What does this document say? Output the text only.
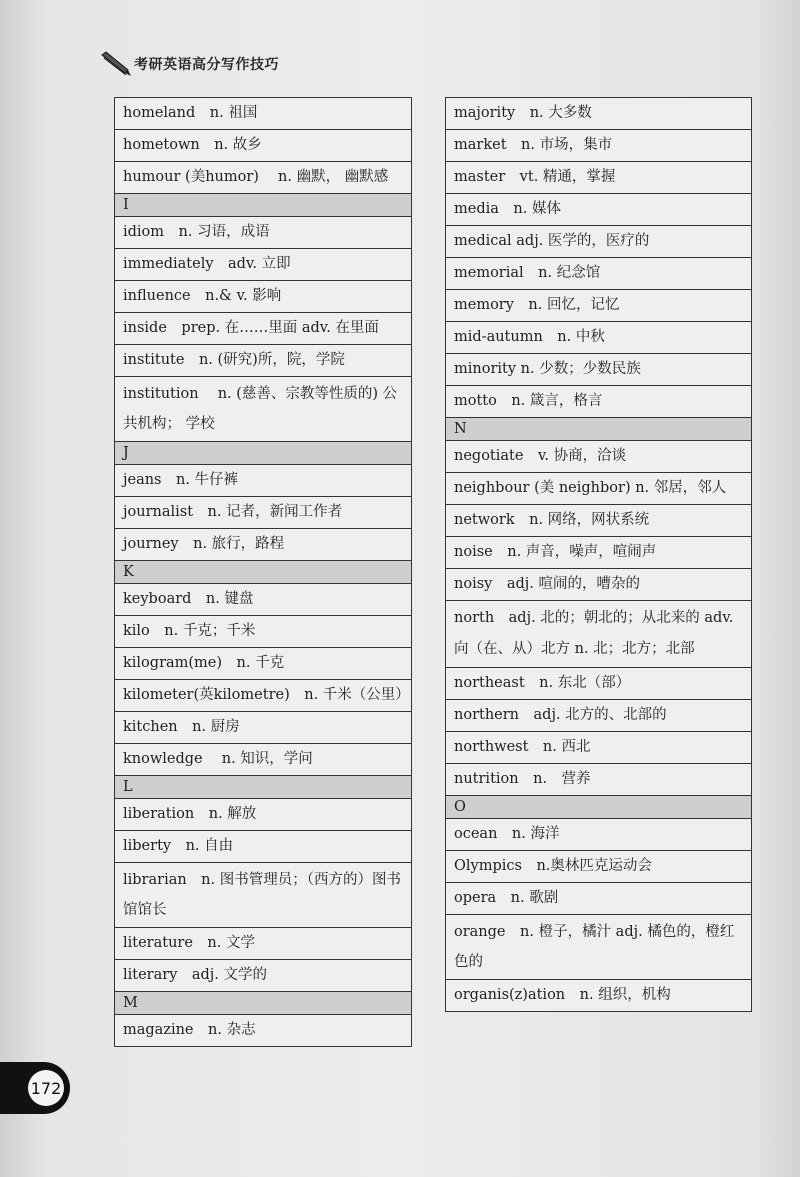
考研英语高分写作技巧
homeland　n. 祖国
hometown　n. 故乡
humour (美humor)　 n. 幽默， 幽默感
I
idiom　n. 习语，成语
immediately　adv. 立即
influence　n.& v. 影响
inside　prep. 在……里面 adv. 在里面
institute　n. (研究)所，院，学院
institution　 n. (慈善、宗教等性质的) 公共机构； 学校
J
jeans　n. 牛仔裤
journalist　n. 记者，新闻工作者
journey　n. 旅行，路程
K
keyboard　n. 键盘
kilo　n. 千克；千米
kilogram(me)　n. 千克
kilometer(英kilometre)　n. 千米（公里）
kitchen　n. 厨房
knowledge　 n. 知识，学问
L
liberation　n. 解放
liberty　n. 自由
librarian　n. 图书管理员；（西方的）图书馆馆长
literature　n. 文学
literary　adj. 文学的
M
magazine　n. 杂志
majority　n. 大多数
market　n. 市场，集市
master　vt. 精通，掌握
media　n. 媒体
medical adj. 医学的，医疗的
memorial　n. 纪念馆
memory　n. 回忆，记忆
mid-autumn　n. 中秋
minority n. 少数；少数民族
motto　n. 箴言，格言
N
negotiate　v. 协商，洽谈
neighbour (美 neighbor) n. 邻居，邻人
network　n. 网络，网状系统
noise　n. 声音，噪声，喧闹声
noisy　adj. 喧闹的，嘈杂的
north　adj. 北的；朝北的；从北来的 adv. 向（在、从）北方 n. 北；北方；北部
northeast　n. 东北（部）
northern　adj. 北方的、北部的
northwest　n. 西北
nutrition　n.　营养
O
ocean　n. 海洋
Olympics　n.奥林匹克运动会
opera　n. 歌剧
orange　n. 橙子，橘汁 adj. 橘色的，橙红色的
organis(z)ation　n. 组织，机构
172
